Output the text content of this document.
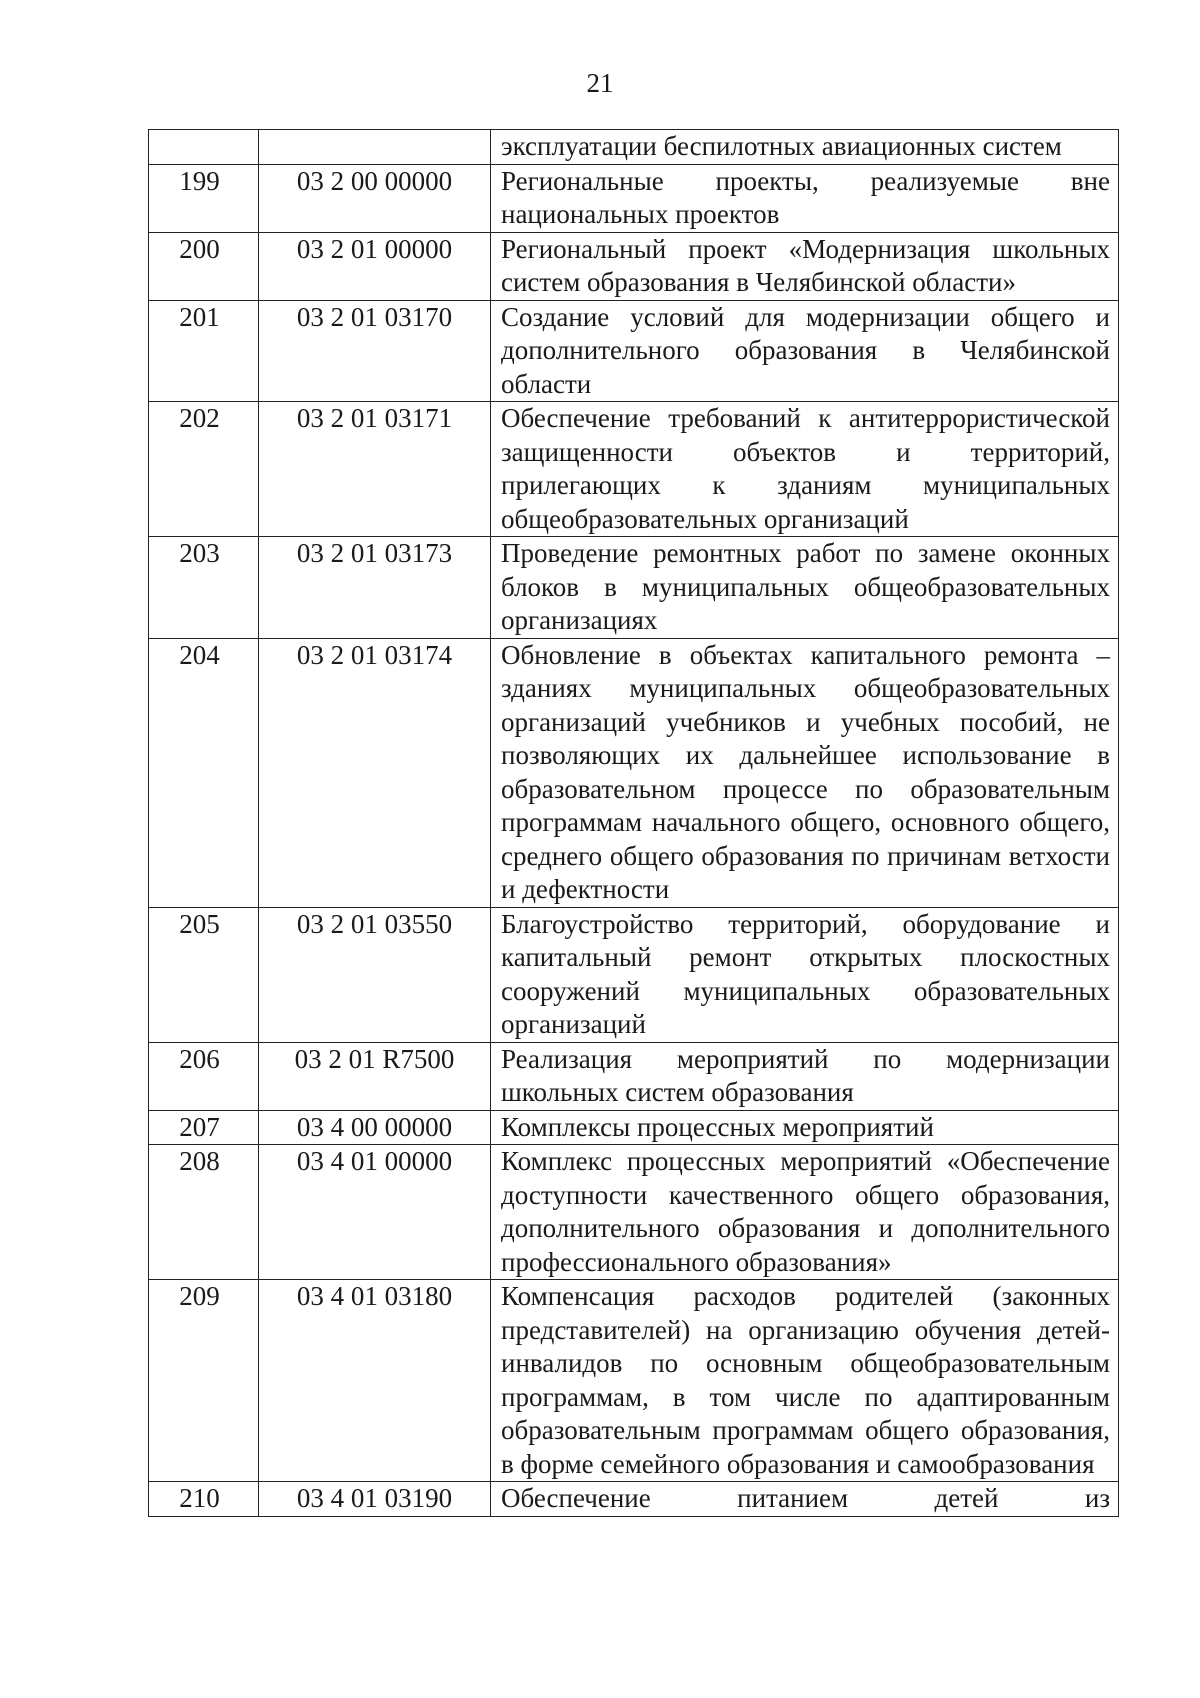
21
		эксплуатации беспилотных авиационных систем
199	03 2 00 00000	Региональные проекты, реализуемые вне национальных проектов
200	03 2 01 00000	Региональный проект «Модернизация школьных систем образования в Челябинской области»
201	03 2 01 03170	Создание условий для модернизации общего и дополнительного образования в Челябинской области
202	03 2 01 03171	Обеспечение требований к антитеррористической защищенности объектов и территорий, прилегающих к зданиям муниципальных общеобразовательных организаций
203	03 2 01 03173	Проведение ремонтных работ по замене оконных блоков в муниципальных общеобразовательных организациях
204	03 2 01 03174	Обновление в объектах капитального ремонта – зданиях муниципальных общеобразовательных организаций учебников и учебных пособий, не позволяющих их дальнейшее использование в образовательном процессе по образовательным программам начального общего, основного общего, среднего общего образования по причинам ветхости и дефектности
205	03 2 01 03550	Благоустройство территорий, оборудование и капитальный ремонт открытых плоскостных сооружений муниципальных образовательных организаций
206	03 2 01 R7500	Реализация мероприятий по модернизации школьных систем образования
207	03 4 00 00000	Комплексы процессных мероприятий
208	03 4 01 00000	Комплекс процессных мероприятий «Обеспечение доступности качественного общего образования, дополнительного образования и дополнительного профессионального образования»
209	03 4 01 03180	Компенсация расходов родителей (законных представителей) на организацию обучения детей-инвалидов по основным общеобразовательным программам, в том числе по адаптированным образовательным программам общего образования, в форме семейного образования и самообразования
210	03 4 01 03190	Обеспечение питанием детей из
